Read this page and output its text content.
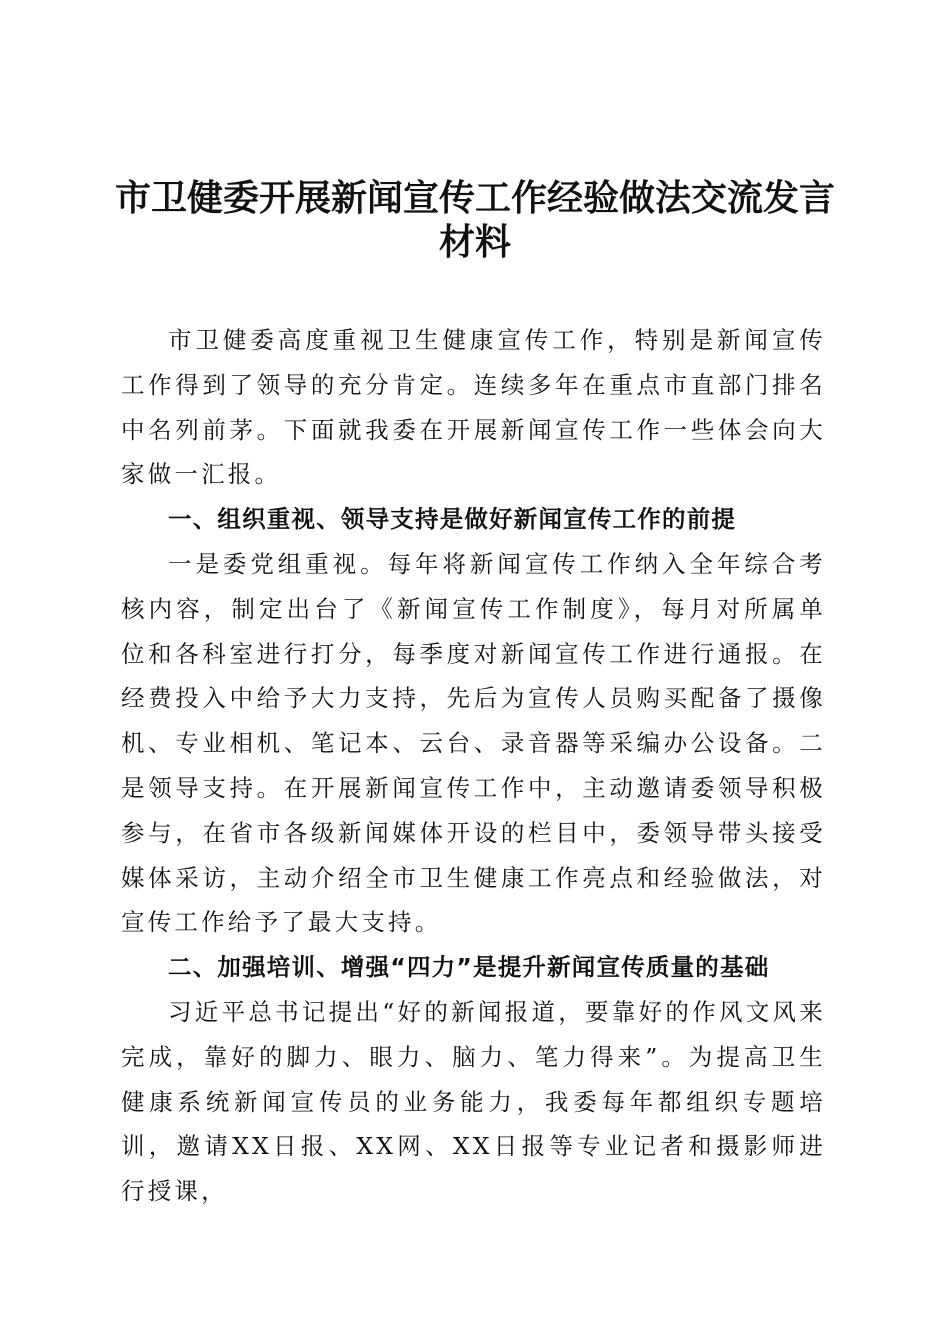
市卫健委开展新闻宣传工作经验做法交流发言材料

市卫健委高度重视卫生健康宣传工作，特别是新闻宣传工作得到了领导的充分肯定。连续多年在重点市直部门排名中名列前茅。下面就我委在开展新闻宣传工作一些体会向大家做一汇报。

一、组织重视、领导支持是做好新闻宣传工作的前提

一是委党组重视。每年将新闻宣传工作纳入全年综合考核内容，制定出台了《新闻宣传工作制度》，每月对所属单位和各科室进行打分，每季度对新闻宣传工作进行通报。在经费投入中给予大力支持，先后为宣传人员购买配备了摄像机、专业相机、笔记本、云台、录音器等采编办公设备。二是领导支持。在开展新闻宣传工作中，主动邀请委领导积极参与，在省市各级新闻媒体开设的栏目中，委领导带头接受媒体采访，主动介绍全市卫生健康工作亮点和经验做法，对宣传工作给予了最大支持。

二、加强培训、增强“四力”是提升新闻宣传质量的基础

习近平总书记提出“好的新闻报道，要靠好的作风文风来完成，靠好的脚力、眼力、脑力、笔力得来”。为提高卫生健康系统新闻宣传员的业务能力，我委每年都组织专题培训，邀请XX日报、XX网、XX日报等专业记者和摄影师进行授课，
